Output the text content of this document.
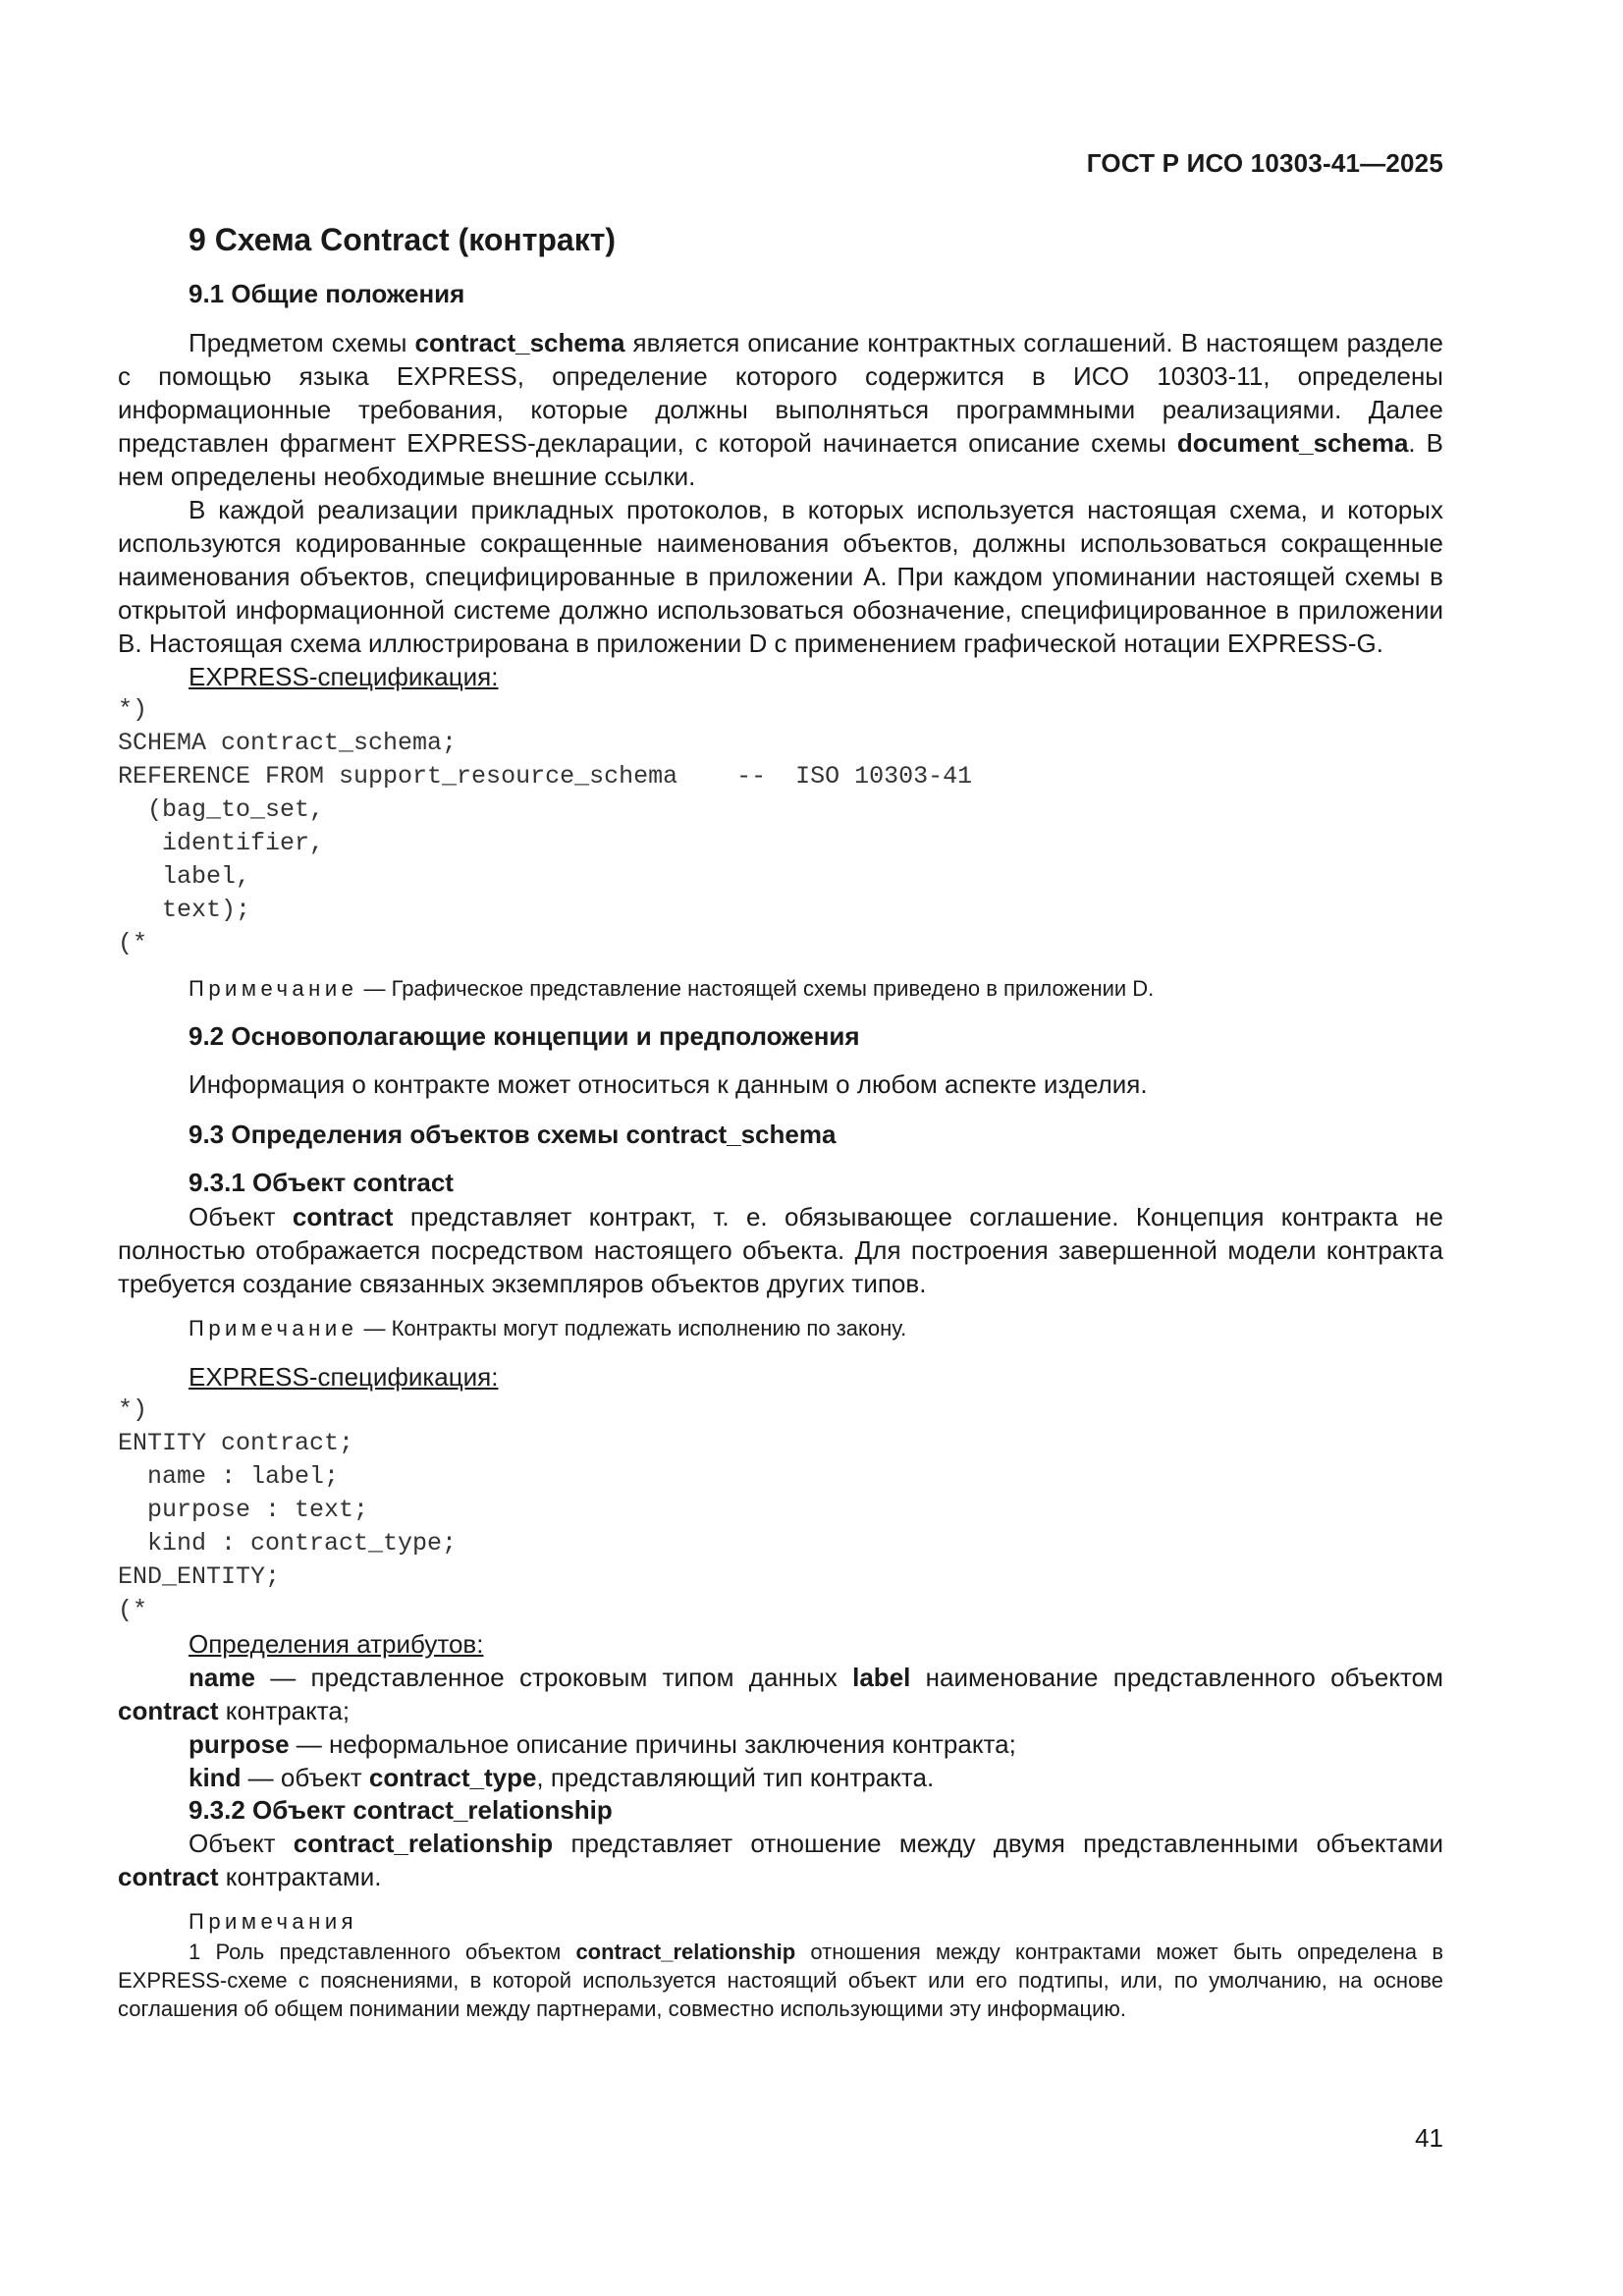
ГОСТ Р ИСО 10303-41—2025
9 Схема Contract (контракт)
9.1 Общие положения

Предметом схемы contract_schema является описание контрактных соглашений. В настоящем разделе с помощью языка EXPRESS, определение которого содержится в ИСО 10303-11, определены информационные требования, которые должны выполняться программными реализациями. Далее представлен фрагмент EXPRESS-декларации, с которой начинается описание схемы document_schema. В нем определены необходимые внешние ссылки.

В каждой реализации прикладных протоколов, в которых используется настоящая схема, и которых используются кодированные сокращенные наименования объектов, должны использоваться сокращенные наименования объектов, специфицированные в приложении A. При каждом упоминании настоящей схемы в открытой информационной системе должно использоваться обозначение, специфицированное в приложении B. Настоящая схема иллюстрирована в приложении D с применением графической нотации EXPRESS-G.

EXPRESS-спецификация:
*)
SCHEMA contract_schema;
REFERENCE FROM support_resource_schema    --  ISO 10303-41
(bag_to_set,
identifier,
label,
text);
(*
Примечание — Графическое представление настоящей схемы приведено в приложении D.
9.2 Основополагающие концепции и предположения
Информация о контракте может относиться к данным о любом аспекте изделия.
9.3 Определения объектов схемы contract_schema
9.3.1 Объект contract

Объект contract представляет контракт, т. е. обязывающее соглашение. Концепция контракта не полностью отображается посредством настоящего объекта. Для построения завершенной модели контракта требуется создание связанных экземпляров объектов других типов.

Примечание — Контракты могут подлежать исполнению по закону.
EXPRESS-спецификация:
*)
ENTITY contract;
name : label;
purpose : text;
kind : contract_type;
END_ENTITY;
(*
Определения атрибутов:

name — представленное строковым типом данных label наименование представленного объектом contract контракта;

purpose — неформальное описание причины заключения контракта;
kind — объект contract_type, представляющий тип контракта.
9.3.2 Объект contract_relationship

Объект contract_relationship представляет отношение между двумя представленными объектами contract контрактами.

Примечания

1 Роль представленного объектом contract_relationship отношения между контрактами может быть определена в EXPRESS-схеме с пояснениями, в которой используется настоящий объект или его подтипы, или, по умолчанию, на основе соглашения об общем понимании между партнерами, совместно использующими эту информацию.

41
